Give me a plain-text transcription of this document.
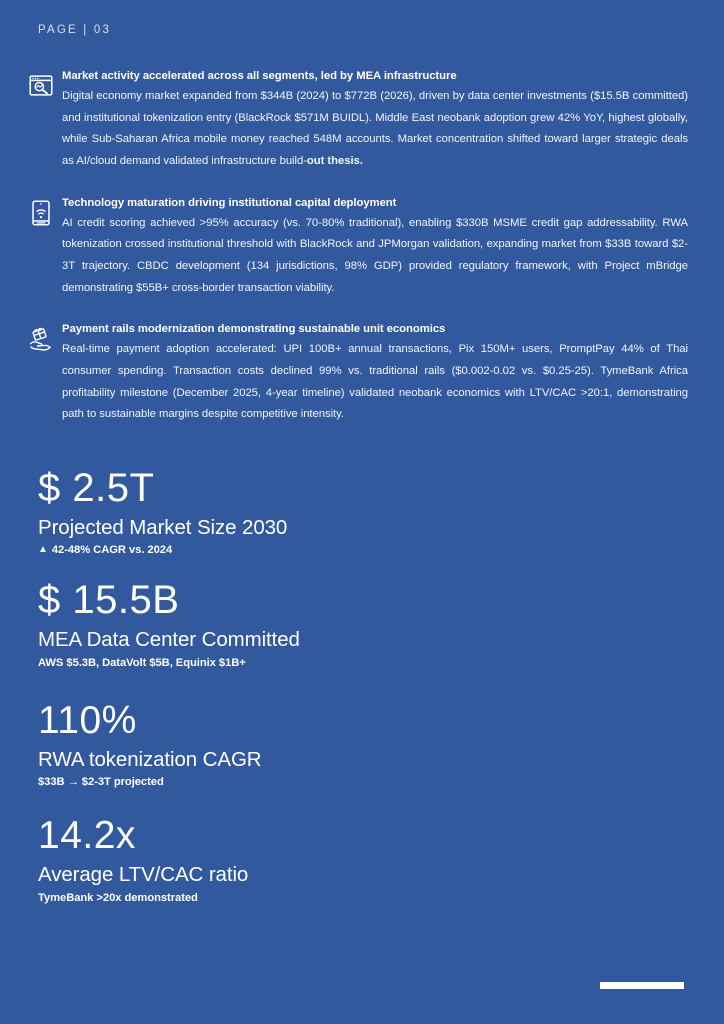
PAGE | 03
Market activity accelerated across all segments, led by MEA infrastructure

Digital economy market expanded from $344B (2024) to $772B (2026), driven by data center investments ($15.5B committed) and institutional tokenization entry (BlackRock $571M BUIDL). Middle East neobank adoption grew 42% YoY, highest globally, while Sub-Saharan Africa mobile money reached 548M accounts. Market concentration shifted toward larger strategic deals as AI/cloud demand validated infrastructure build-out thesis.

Technology maturation driving institutional capital deployment

AI credit scoring achieved >95% accuracy (vs. 70-80% traditional), enabling $330B MSME credit gap addressability. RWA tokenization crossed institutional threshold with BlackRock and JPMorgan validation, expanding market from $33B toward $2-3T trajectory. CBDC development (134 jurisdictions, 98% GDP) provided regulatory framework, with Project mBridge demonstrating $55B+ cross-border transaction viability.

Payment rails modernization demonstrating sustainable unit economics

Real-time payment adoption accelerated: UPI 100B+ annual transactions, Pix 150M+ users, PromptPay 44% of Thai consumer spending. Transaction costs declined 99% vs. traditional rails ($0.002-0.02 vs. $0.25-25). TymeBank Africa profitability milestone (December 2025, 4-year timeline) validated neobank economics with LTV/CAC >20:1, demonstrating path to sustainable margins despite competitive intensity.

$ 2.5T
Projected Market Size 2030
▲ 42-48% CAGR vs. 2024
$ 15.5B
MEA Data Center Committed
AWS $5.3B, DataVolt $5B, Equinix $1B+
110%
RWA tokenization CAGR
$33B → $2-3T projected
14.2x
Average LTV/CAC ratio
TymeBank >20x demonstrated
